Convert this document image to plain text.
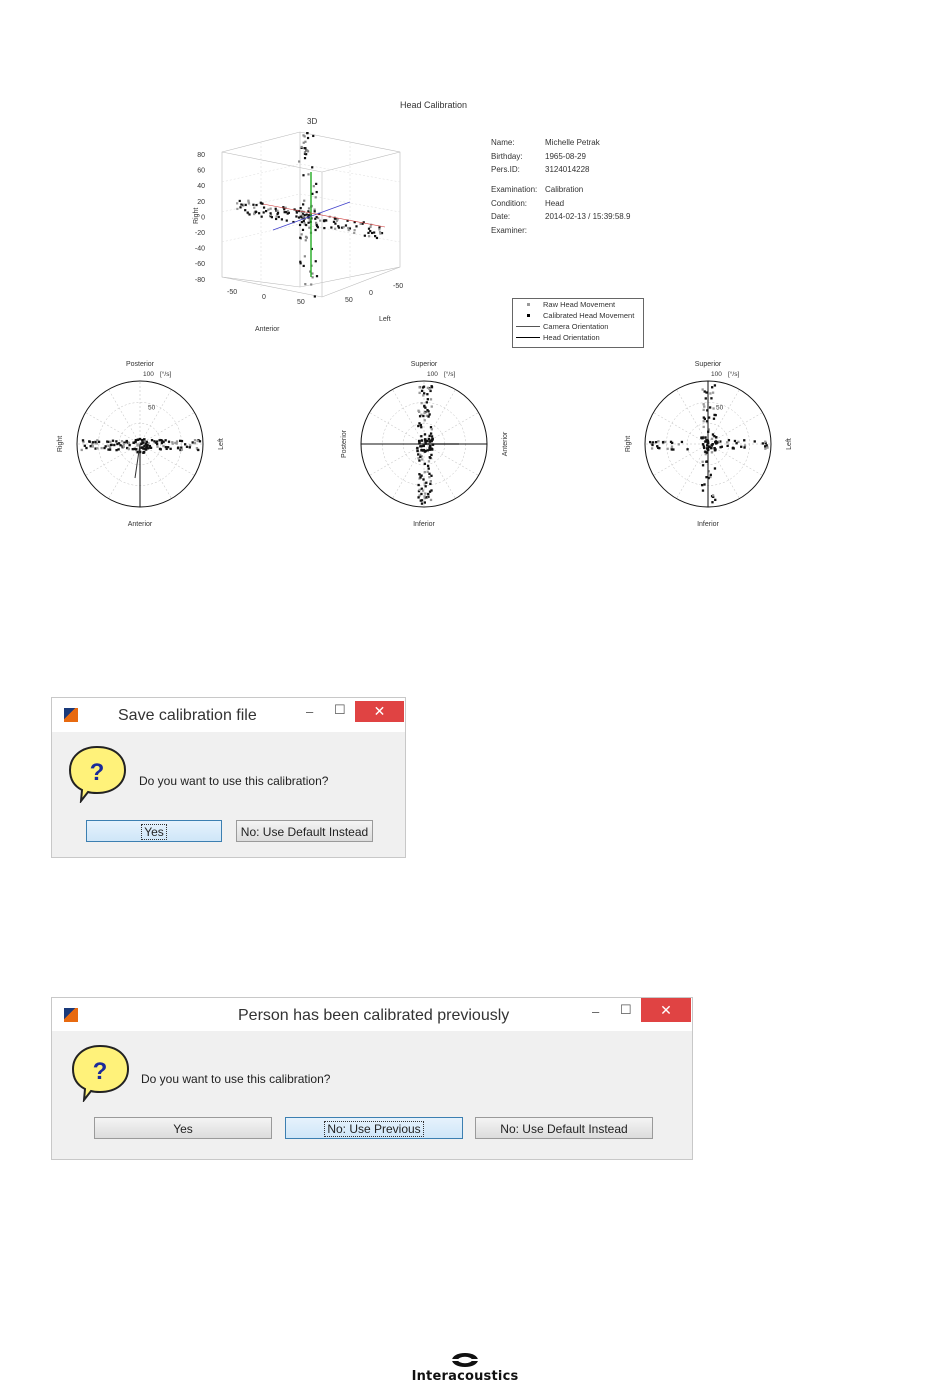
Head Calibration
3D
80
60
40
20
0
-20
-40
-60
-80
-50
0
50	50
0
-50
Right
Anterior
Left
Name:	Michelle Petrak
Birthday:	1965-08-29
Pers.ID:	3124014228
Examination: Calibration
Condition: Head
Date:	2014-02-13 / 15:39:58.9
Examiner:
Raw Head Movement
Calibrated Head Movement
Camera Orientation
Head Orientation
Posterior
Anterior
Right	Left
100 [°/s]
50
Superior
Inferior
Posterior	Anterior
100 [°/s]
Superior
Inferior
Right	Left
100 [°/s]
50
Save calibration file	– ☐	✕
?	Do you want to use this calibration?
Yes	No: Use Default Instead
Person has been calibrated previously	– ☐	✕
?	Do you want to use this calibration?
Yes	No: Use Previous	No: Use Default Instead
Interacoustics
